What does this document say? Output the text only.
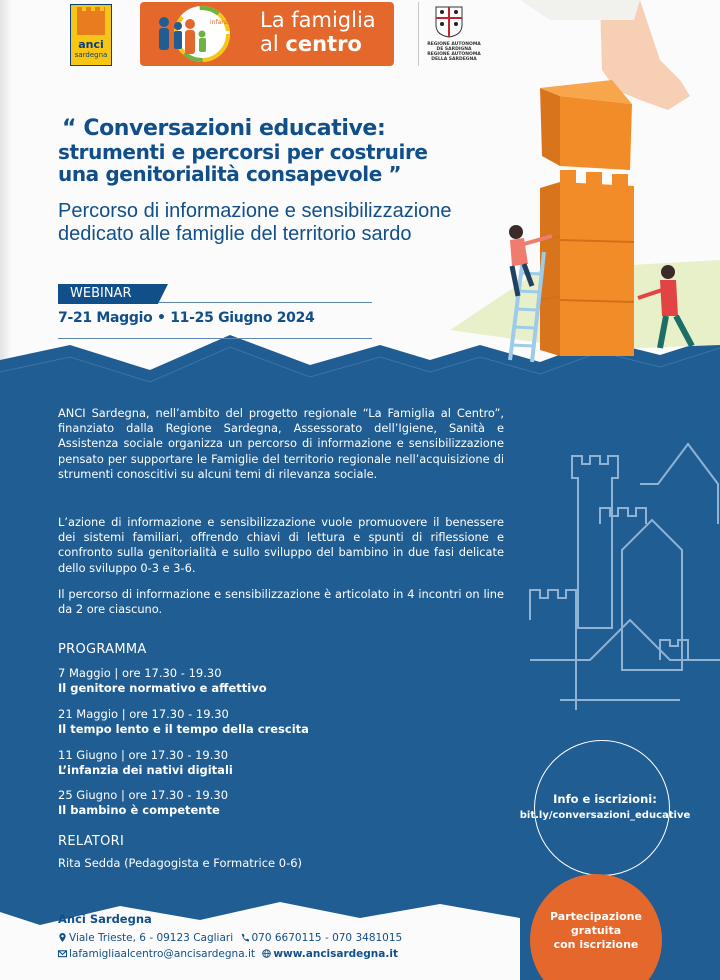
anci
sardegna
infanzia La famiglia
al centro	REGIONE AUTONOMA
DE SARDIGNA
REGIONE AUTONOMA
DELLA SARDEGNA
“ Conversazioni educative:
strumenti e percorsi per costruire
una genitorialità consapevole ”
Percorso di informazione e sensibilizzazione
dedicato alle famiglie del territorio sardo
WEBINAR
7-21 Maggio • 11-25 Giugno 2024
ANCI Sardegna, nell’ambito del progetto regionale “La Famiglia al Centro”, finanziato dalla Regione Sardegna, Assessorato dell’Igiene, Sanità e Assistenza sociale organizza un percorso di informazione e sensibilizzazione pensato per supportare le Famiglie del territorio regionale nell’acquisizione di strumenti conoscitivi su alcuni temi di rilevanza sociale.
L’azione di informazione e sensibilizzazione vuole promuovere il benessere dei sistemi familiari, offrendo chiavi di lettura e spunti di riflessione e confronto sulla genitorialità e sullo sviluppo del bambino in due fasi delicate dello sviluppo 0-3 e 3-6.
Il percorso di informazione e sensibilizzazione è articolato in 4 incontri on line da 2 ore ciascuno.
PROGRAMMA
7 Maggio | ore 17.30 - 19.30
Il genitore normativo e affettivo
21 Maggio | ore 17.30 - 19.30
Il tempo lento e il tempo della crescita
11 Giugno | ore 17.30 - 19.30
L’infanzia dei nativi digitali
25 Giugno | ore 17.30 - 19.30
Il bambino è competente
RELATORI
Rita Sedda (Pedagogista e Formatrice 0-6)
Info e iscrizioni:
bit.ly/conversazioni_educative
Partecipazione
gratuita
con iscrizione
Anci Sardegna
Viale Trieste, 6 - 09123 Cagliari 070 6670115 - 070 3481015
lafamigliaalcentro@ancisardegna.it www.ancisardegna.it
